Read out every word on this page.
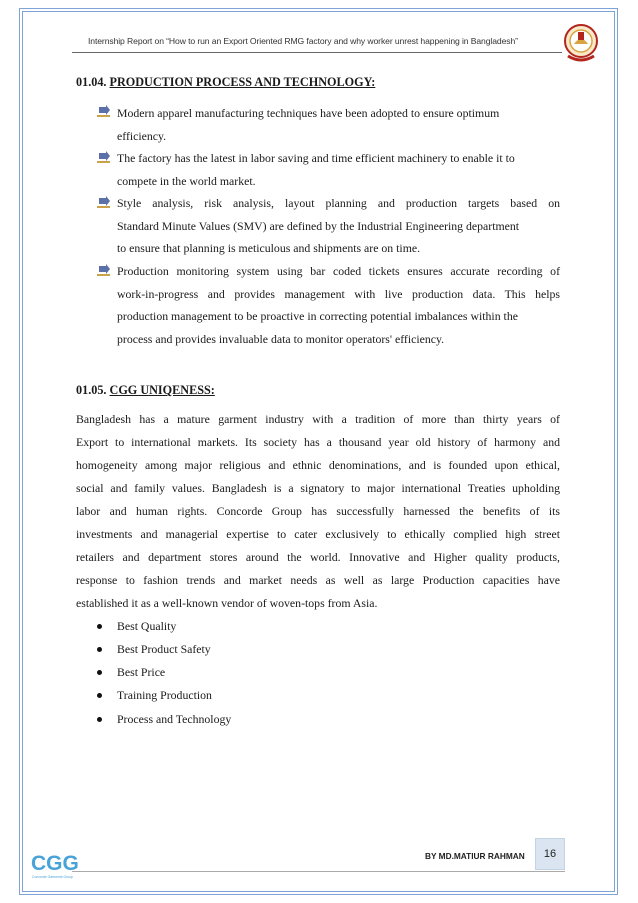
Internship Report on “How to run an Export Oriented RMG factory and why worker unrest happening in Bangladesh”
01.04. PRODUCTION PROCESS AND TECHNOLOGY:
Modern apparel manufacturing techniques have been adopted to ensure optimum
efficiency.
The factory has the latest in labor saving and time efficient machinery to enable it to
compete in the world market.
Style analysis, risk analysis, layout planning and production targets based on
Standard Minute Values (SMV) are defined by the Industrial Engineering department
to ensure that planning is meticulous and shipments are on time.
Production monitoring system using bar coded tickets ensures accurate recording of
work-in-progress and provides management with live production data. This helps
production management to be proactive in correcting potential imbalances within the
process and provides invaluable data to monitor operators' efficiency.
01.05. CGG UNIQENESS:
Bangladesh has a mature garment industry with a tradition of more than thirty years of
Export to international markets. Its society has a thousand year old history of harmony and
homogeneity among major religious and ethnic denominations, and is founded upon ethical,
social and family values. Bangladesh is a signatory to major international Treaties upholding
labor and human rights. Concorde Group has successfully harnessed the benefits of its
investments and managerial expertise to cater exclusively to ethically complied high street
retailers and department stores around the world. Innovative and Higher quality products,
response to fashion trends and market needs as well as large Production capacities have
established it as a well-known vendor of woven-tops from Asia.
Best Quality
Best Product Safety
Best Price
Training Production
Process and Technology
CGG
Concorde Garments Group
BY MD.MATIUR RAHMAN	16
